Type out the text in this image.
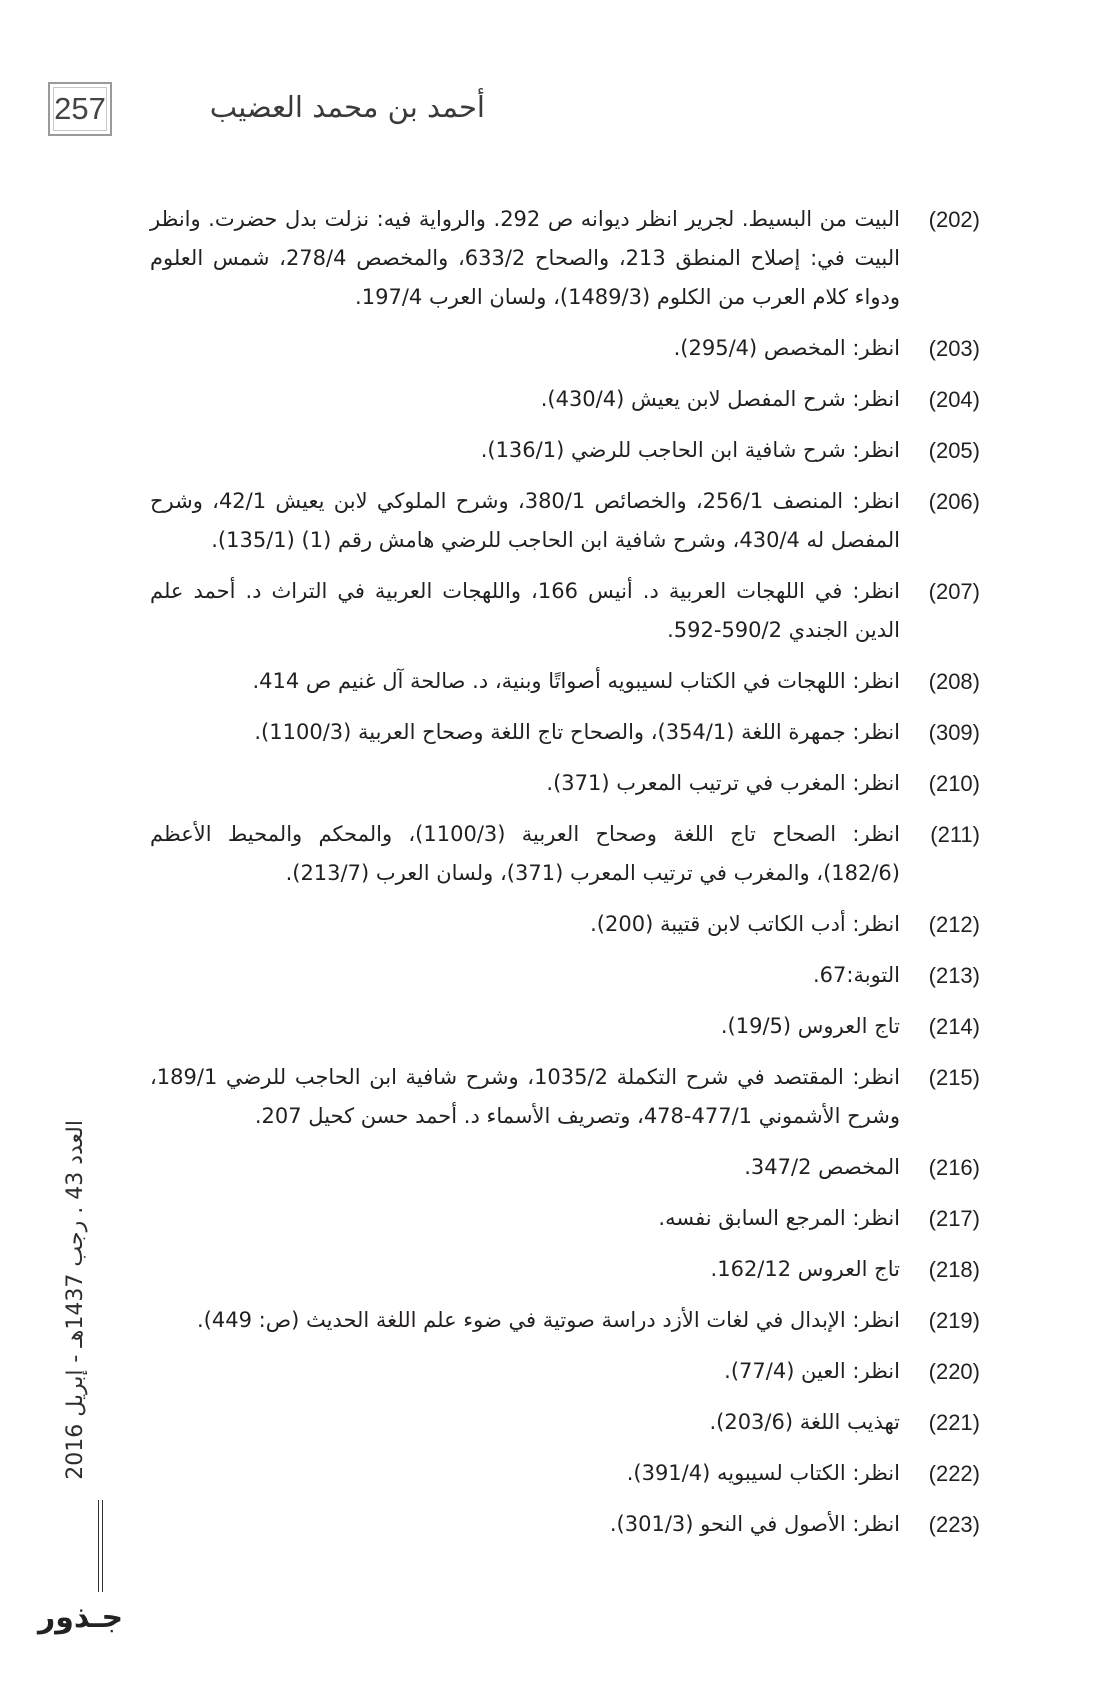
257	أحمد بن محمد العضيب
(202)
البيت من البسيط. لجرير انظر ديوانه ص 292. والرواية فيه: نزلت بدل حضرت. وانظر البيت في: إصلاح المنطق 213، والصحاح 633/2، والمخصص 278/4، شمس العلوم ودواء كلام العرب من الكلوم (1489/3)، ولسان العرب 197/4.
(203)
انظر: المخصص (295/4).
(204)
انظر: شرح المفصل لابن يعيش (430/4).
(205)
انظر: شرح شافية ابن الحاجب للرضي (136/1).
(206)
انظر: المنصف 256/1، والخصائص 380/1، وشرح الملوكي لابن يعيش 42/1، وشرح المفصل له 430/4، وشرح شافية ابن الحاجب للرضي هامش رقم (1) (135/1).
(207)
انظر: في اللهجات العربية د. أنيس 166، واللهجات العربية في التراث د. أحمد علم الدين الجندي 590/2-592.
(208)
انظر: اللهجات في الكتاب لسيبويه أصواتًا وبنية، د. صالحة آل غنيم ص 414.
(309)
انظر: جمهرة اللغة (354/1)، والصحاح تاج اللغة وصحاح العربية (1100/3).
(210)
انظر: المغرب في ترتيب المعرب (371).
(211)
انظر: الصحاح تاج اللغة وصحاح العربية (1100/3)، والمحكم والمحيط الأعظم (182/6)، والمغرب في ترتيب المعرب (371)، ولسان العرب (213/7).
(212)
انظر: أدب الكاتب لابن قتيبة (200).
(213)
التوبة:67.
(214)
تاج العروس (19/5).
(215)
انظر: المقتصد في شرح التكملة 1035/2، وشرح شافية ابن الحاجب للرضي 189/1، وشرح الأشموني 477/1-478، وتصريف الأسماء د. أحمد حسن كحيل 207.
(216)
المخصص 347/2.
(217)
انظر: المرجع السابق نفسه.
(218)
تاج العروس 162/12.
(219)
انظر: الإبدال في لغات الأزد دراسة صوتية في ضوء علم اللغة الحديث (ص: 449).
(220)
انظر: العين (77/4).
(221)
تهذيب اللغة (203/6).
(222)
انظر: الكتاب لسيبويه (391/4).
(223)
انظر: الأصول في النحو (301/3).
العدد 43 . رجب 1437هـ - إبريل 2016
جـذور
